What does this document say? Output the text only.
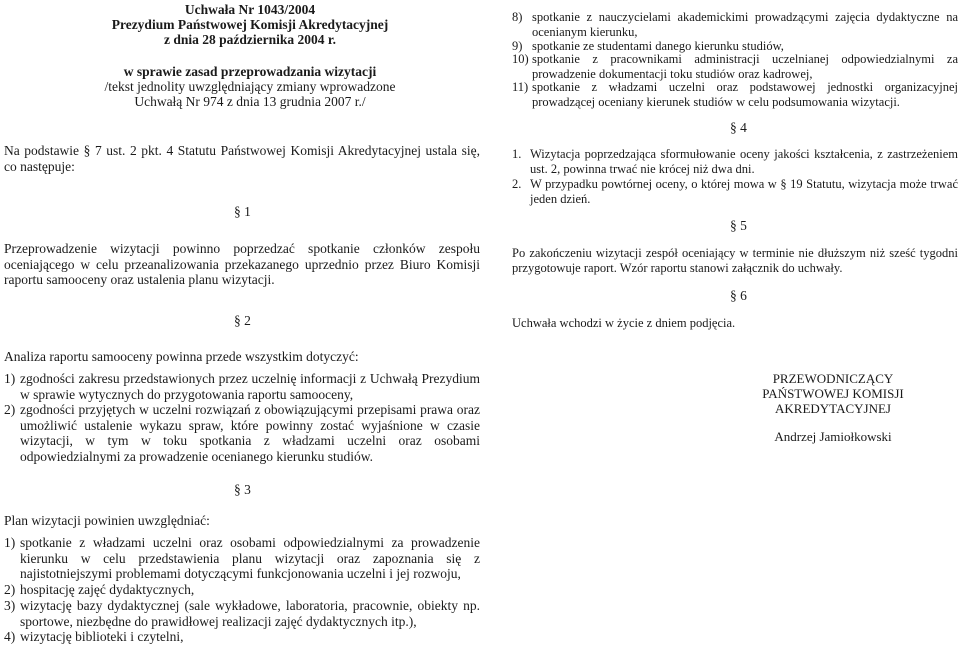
Uchwała Nr 1043/2004
Prezydium Państwowej Komisji Akredytacyjnej
z dnia 28 października 2004 r.
w sprawie zasad przeprowadzania wizytacji
/tekst jednolity uwzględniający zmiany wprowadzone
Uchwałą Nr 974 z dnia 13 grudnia 2007 r./
Na podstawie § 7 ust. 2 pkt. 4 Statutu Państwowej Komisji Akredytacyjnej ustala się, co następuje:
§ 1
Przeprowadzenie wizytacji powinno poprzedzać spotkanie członków zespołu oceniającego w celu przeanalizowania przekazanego uprzednio przez Biuro Komisji raportu samooceny oraz ustalenia planu wizytacji.
§ 2
Analiza raportu samooceny powinna przede wszystkim dotyczyć:
1) zgodności zakresu przedstawionych przez uczelnię informacji z Uchwałą Prezydium w sprawie wytycznych do przygotowania raportu samooceny,
2) zgodności przyjętych w uczelni rozwiązań z obowiązującymi przepisami prawa oraz umożliwić ustalenie wykazu spraw, które powinny zostać wyjaśnione w czasie wizytacji, w tym w toku spotkania z władzami uczelni oraz osobami odpowiedzialnymi za prowadzenie ocenianego kierunku studiów.
§ 3
Plan wizytacji powinien uwzględniać:
1) spotkanie z władzami uczelni oraz osobami odpowiedzialnymi za prowadzenie kierunku w celu przedstawienia planu wizytacji oraz zapoznania się z najistotniejszymi problemami dotyczącymi funkcjonowania uczelni i jej rozwoju,
2) hospitację zajęć dydaktycznych,
3) wizytację bazy dydaktycznej (sale wykładowe, laboratoria, pracownie, obiekty np. sportowe, niezbędne do prawidłowej realizacji zajęć dydaktycznych itp.),
4) wizytację biblioteki i czytelni,
8) spotkanie z nauczycielami akademickimi prowadzącymi zajęcia dydaktyczne na ocenianym kierunku,
9) spotkanie ze studentami danego kierunku studiów,
10) spotkanie z pracownikami administracji uczelnianej odpowiedzialnymi za prowadzenie dokumentacji toku studiów oraz kadrowej,
11) spotkanie z władzami uczelni oraz podstawowej jednostki organizacyjnej prowadzącej oceniany kierunek studiów w celu podsumowania wizytacji.
§ 4
1. Wizytacja poprzedzająca sformułowanie oceny jakości kształcenia, z zastrzeżeniem ust. 2, powinna trwać nie krócej niż dwa dni.
2. W przypadku powtórnej oceny, o której mowa w § 19 Statutu, wizytacja może trwać jeden dzień.
§ 5
Po zakończeniu wizytacji zespół oceniający w terminie nie dłuższym niż sześć tygodni przygotowuje raport. Wzór raportu stanowi załącznik do uchwały.
§ 6
Uchwała wchodzi w życie z dniem podjęcia.
PRZEWODNICZĄCY
PAŃSTWOWEJ KOMISJI AKREDYTACYJNEJ
Andrzej Jamiołkowski
